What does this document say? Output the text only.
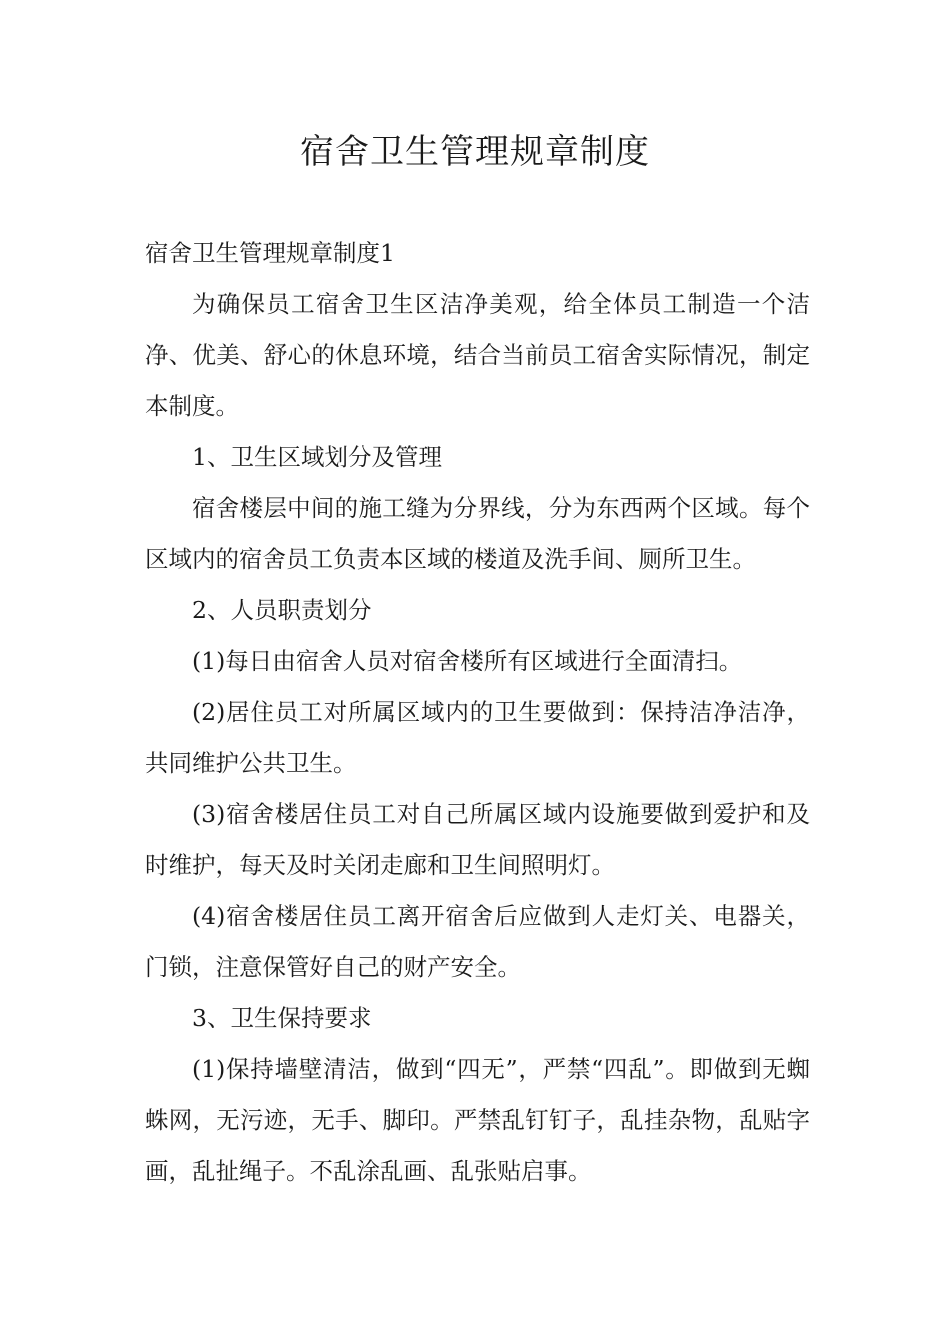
宿舍卫生管理规章制度

宿舍卫生管理规章制度1

为确保员工宿舍卫生区洁净美观，给全体员工制造一个洁净、优美、舒心的休息环境，结合当前员工宿舍实际情况，制定本制度。

1、卫生区域划分及管理

宿舍楼层中间的施工缝为分界线，分为东西两个区域。每个区域内的宿舍员工负责本区域的楼道及洗手间、厕所卫生。

2、人员职责划分

(1)每日由宿舍人员对宿舍楼所有区域进行全面清扫。

(2)居住员工对所属区域内的卫生要做到：保持洁净洁净，共同维护公共卫生。

(3)宿舍楼居住员工对自己所属区域内设施要做到爱护和及时维护，每天及时关闭走廊和卫生间照明灯。

(4)宿舍楼居住员工离开宿舍后应做到人走灯关、电器关，门锁，注意保管好自己的财产安全。

3、卫生保持要求

(1)保持墙壁清洁，做到“四无”，严禁“四乱”。即做到无蜘蛛网，无污迹，无手、脚印。严禁乱钉钉子，乱挂杂物，乱贴字画，乱扯绳子。不乱涂乱画、乱张贴启事。
